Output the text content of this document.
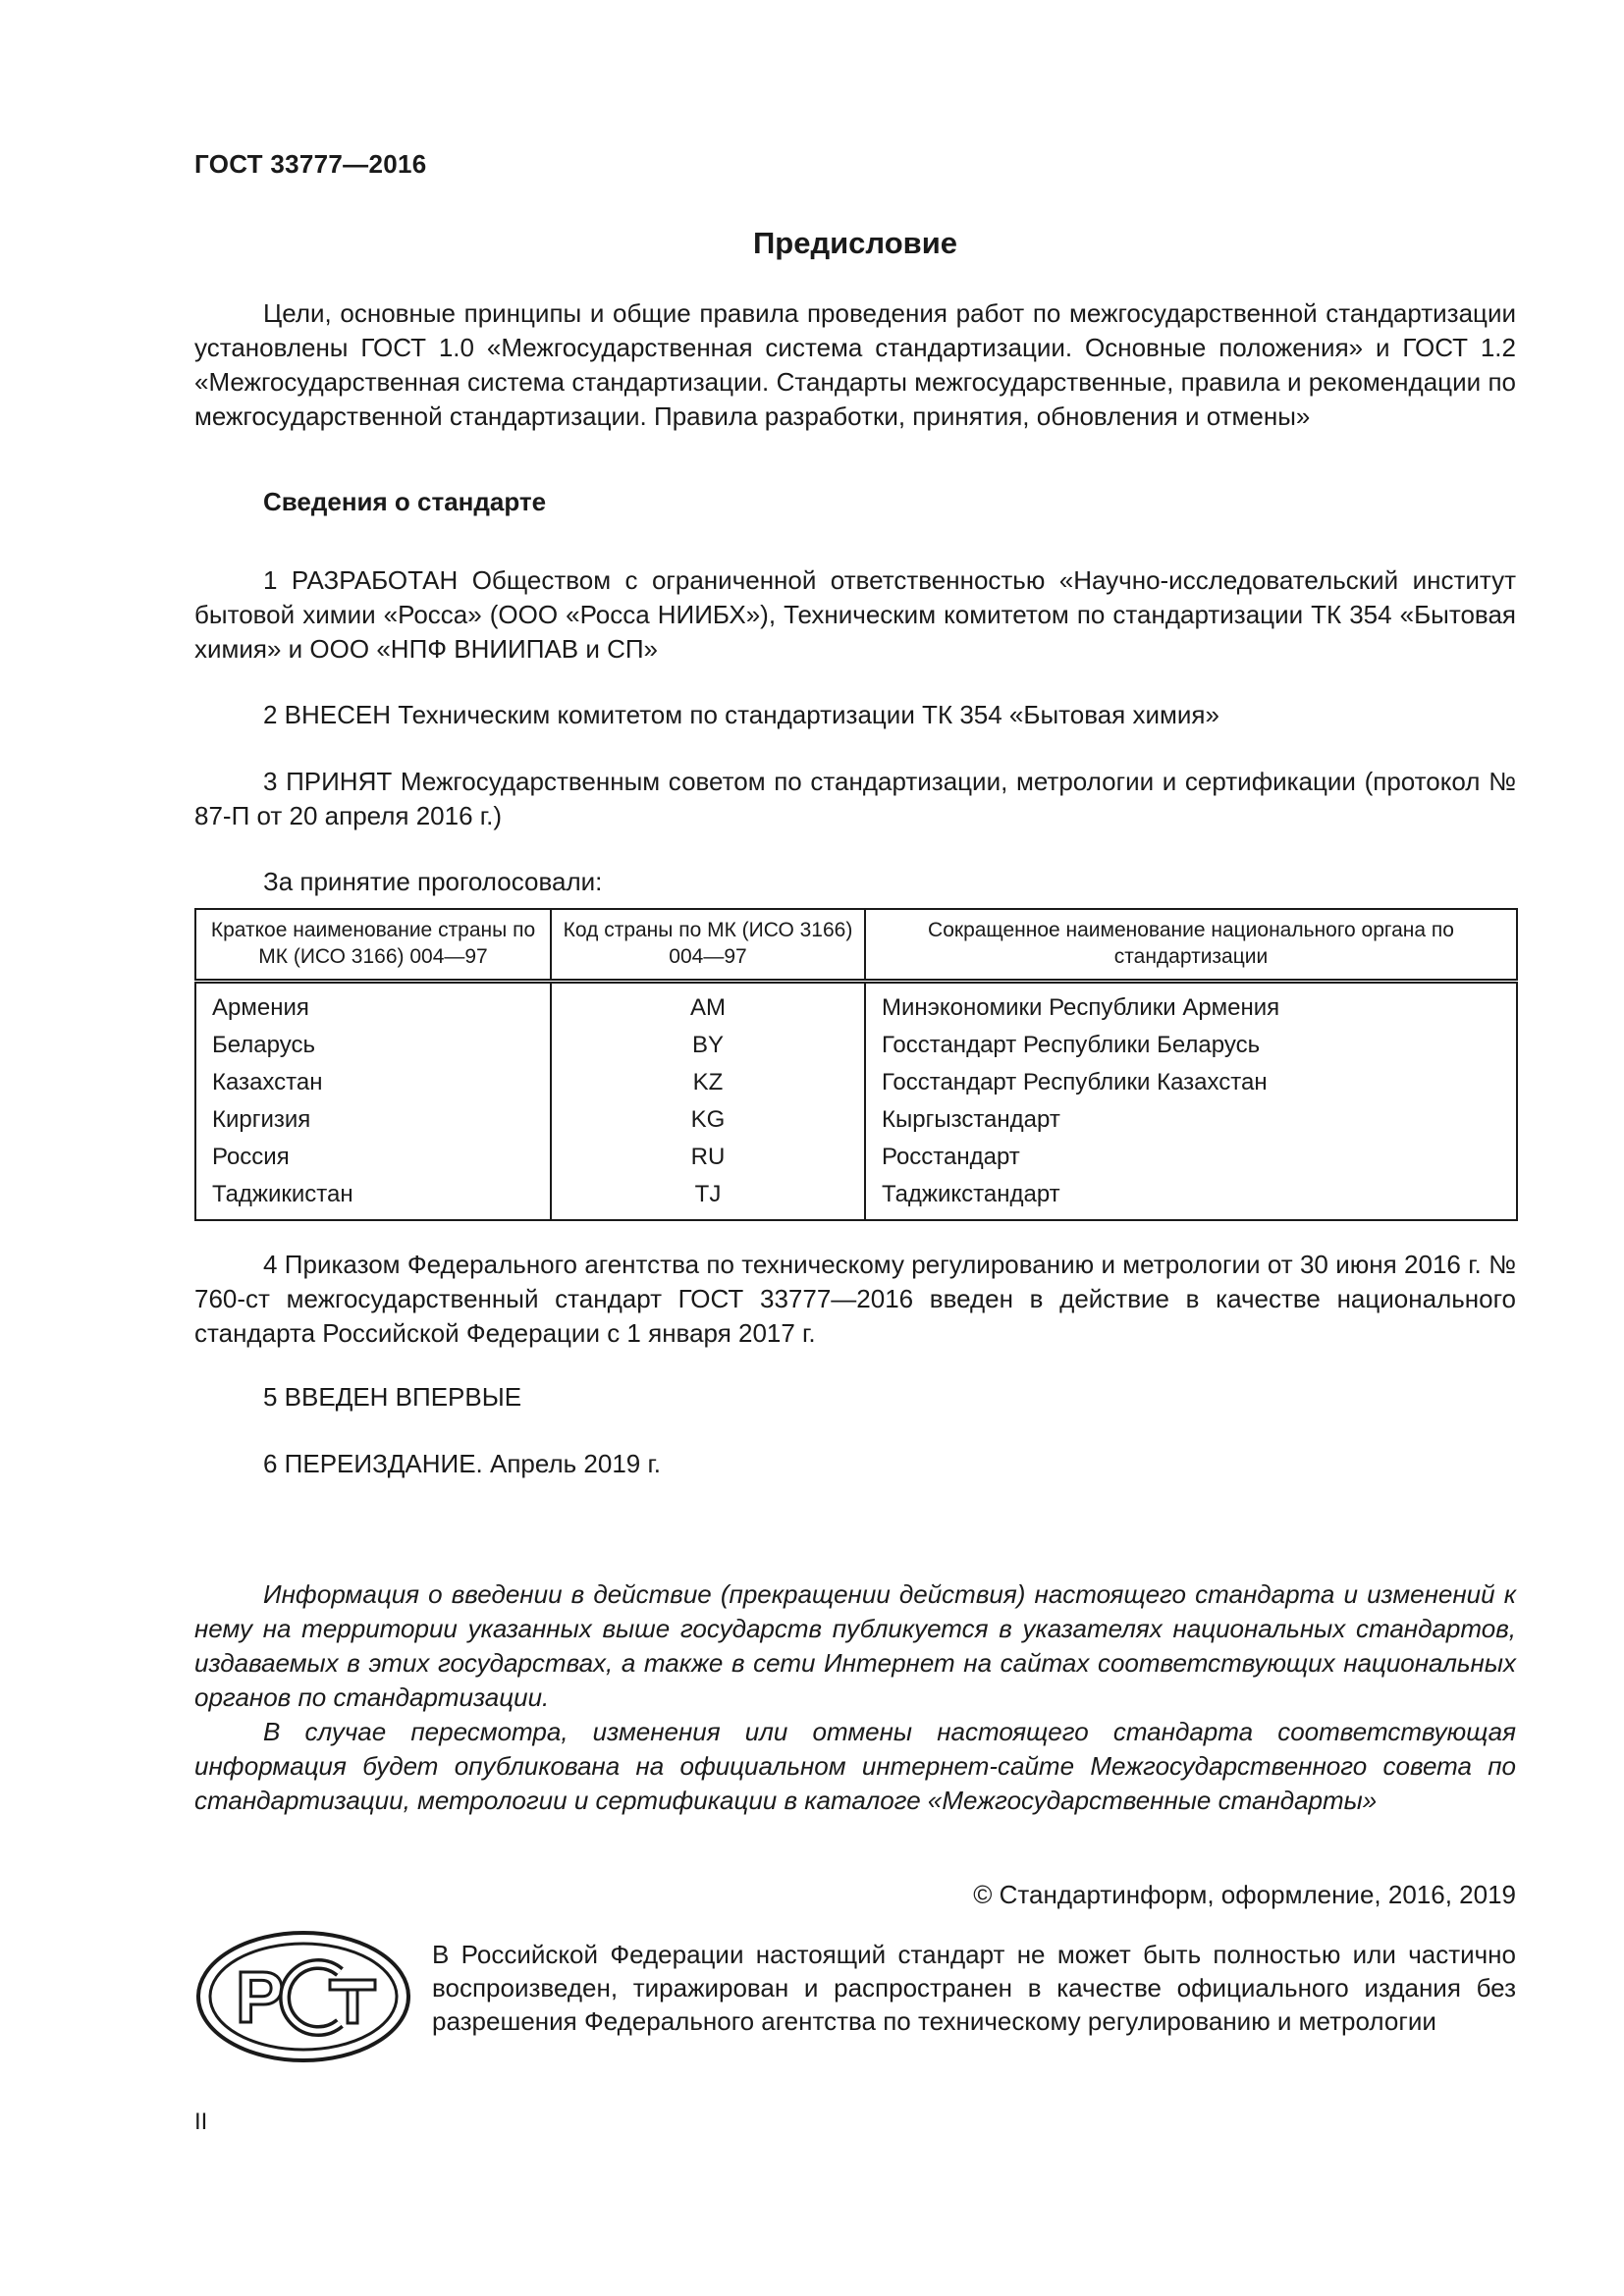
ГОСТ 33777—2016
Предисловие

Цели, основные принципы и общие правила проведения работ по межгосударственной стандартизации установлены ГОСТ 1.0 «Межгосударственная система стандартизации. Основные положения» и ГОСТ 1.2 «Межгосударственная система стандартизации. Стандарты межгосударственные, правила и рекомендации по межгосударственной стандартизации. Правила разработки, принятия, обновления и отмены»

Сведения о стандарте

1 РАЗРАБОТАН Обществом с ограниченной ответственностью «Научно-исследовательский институт бытовой химии «Росса» (ООО «Росса НИИБХ»), Техническим комитетом по стандартизации ТК 354 «Бытовая химия» и ООО «НПФ ВНИИПАВ и СП»

2 ВНЕСЕН Техническим комитетом по стандартизации ТК 354 «Бытовая химия»

3 ПРИНЯТ Межгосударственным советом по стандартизации, метрологии и сертификации (протокол № 87-П от 20 апреля 2016 г.)

За принятие проголосовали:
Краткое наименование страны по МК (ИСО 3166) 004—97	Код страны по МК (ИСО 3166) 004—97	Сокращенное наименование национального органа по стандартизации
Армения	AM	Минэкономики Республики Армения
Беларусь	BY	Госстандарт Республики Беларусь
Казахстан	KZ	Госстандарт Республики Казахстан
Киргизия	KG	Кыргызстандарт
Россия	RU	Росстандарт
Таджикистан	TJ	Таджикстандарт

4 Приказом Федерального агентства по техническому регулированию и метрологии от 30 июня 2016 г. № 760-ст межгосударственный стандарт ГОСТ 33777—2016 введен в действие в качестве национального стандарта Российской Федерации с 1 января 2017 г.

5 ВВЕДЕН ВПЕРВЫЕ
6 ПЕРЕИЗДАНИЕ. Апрель 2019 г.

Информация о введении в действие (прекращении действия) настоящего стандарта и изменений к нему на территории указанных выше государств публикуется в указателях национальных стандартов, издаваемых в этих государствах, а также в сети Интернет на сайтах соответствующих национальных органов по стандартизации.

В случае пересмотра, изменения или отмены настоящего стандарта соответствующая информация будет опубликована на официальном интернет-сайте Межгосударственного совета по стандартизации, метрологии и сертификации в каталоге «Межгосударственные стандарты»

© Стандартинформ, оформление, 2016, 2019
Р

В Российской Федерации настоящий стандарт не может быть полностью или частично воспроизведен, тиражирован и распространен в качестве официального издания без разрешения Федерального агентства по техническому регулированию и метрологии

II
